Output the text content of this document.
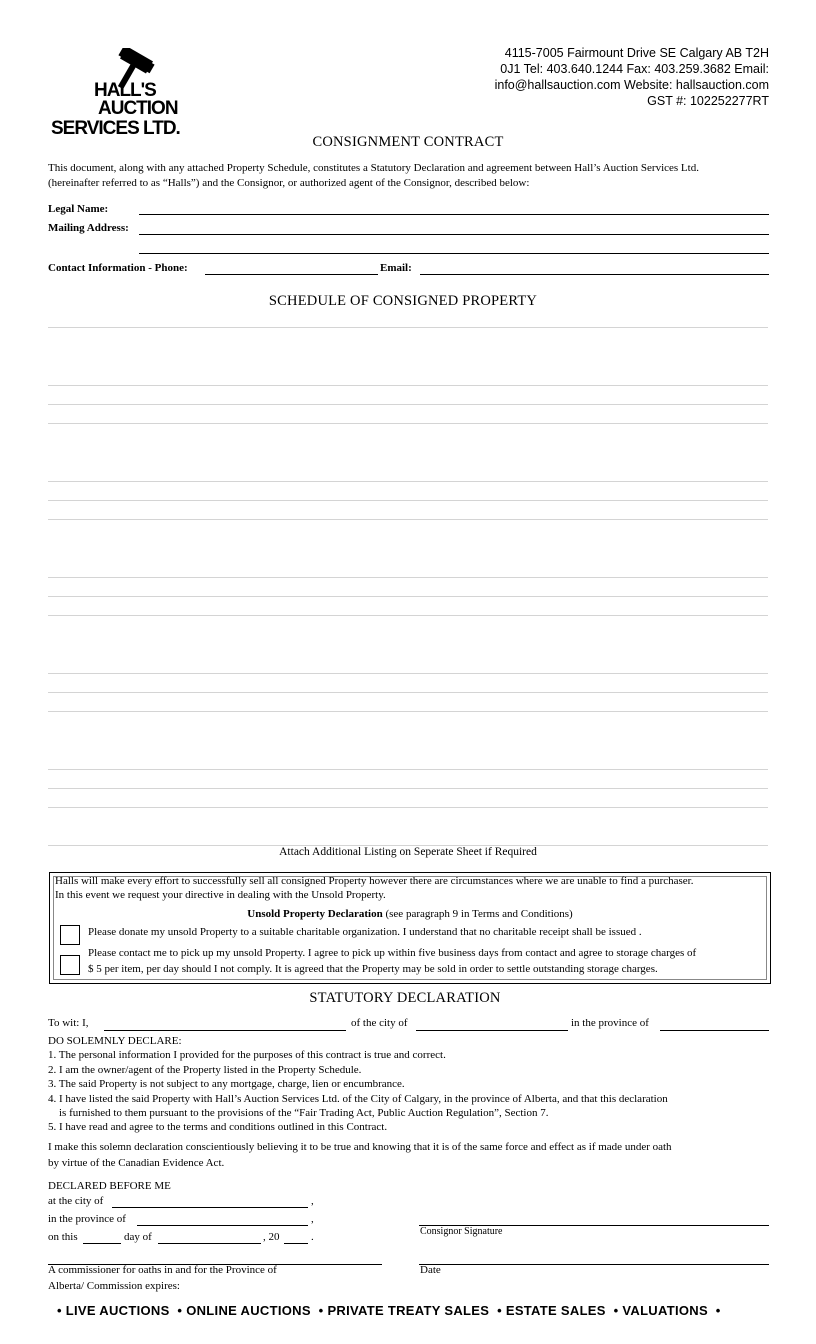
HALL'S
AUCTION
SERVICES LTD.
4115-7005 Fairmount Drive SE Calgary AB T2H
0J1 Tel: 403.640.1244 Fax: 403.259.3682 Email:
info@hallsauction.com Website: hallsauction.com
GST #: 102252277RT
CONSIGNMENT CONTRACT
This document, along with any attached Property Schedule, constitutes a Statutory Declaration and agreement between Hall’s Auction Services Ltd.
(hereinafter referred to as “Halls”) and the Consignor, or authorized agent of the Consignor, described below:
Legal Name:
Mailing Address:
Contact Information - Phone:	Email:
SCHEDULE OF CONSIGNED PROPERTY
Attach Additional Listing on Seperate Sheet if Required
Halls will make every effort to successfully sell all consigned Property however there are circumstances where we are unable to find a purchaser.
In this event we request your directive in dealing with the Unsold Property.
Unsold Property Declaration (see paragraph 9 in Terms and Conditions)
Please donate my unsold Property to a suitable charitable organization. I understand that no charitable receipt shall be issued .
Please contact me to pick up my unsold Property. I agree to pick up within five business days from contact and agree to storage charges of
$ 5 per item, per day should I not comply. It is agreed that the Property may be sold in order to settle outstanding storage charges.
STATUTORY DECLARATION
To wit: I,	of the city of	in the province of

DO SOLEMNLY DECLARE:

1. The personal information I provided for the purposes of this contract is true and correct.

2. I am the owner/agent of the Property listed in the Property Schedule.

3. The said Property is not subject to any mortgage, charge, lien or encumbrance.

4. I have listed the said Property with Hall’s Auction Services Ltd. of the City of Calgary, in the province of Alberta, and that this declaration

is furnished to them pursuant to the provisions of the “Fair Trading Act, Public Auction Regulation”, Section 7.

5. I have read and agree to the terms and conditions outlined in this Contract.

I make this solemn declaration conscientiously believing it to be true and knowing that it is of the same force and effect as if made under oath

by virtue of the Canadian Evidence Act.

DECLARED BEFORE ME
at the city of	,
in the province of	,
on this	day of	, 20	.	Consignor Signature
A commissioner for oaths in and for the Province of
Alberta/ Commission expires:
Date
• LIVE AUCTIONS • ONLINE AUCTIONS • PRIVATE TREATY SALES • ESTATE SALES • VALUATIONS •
